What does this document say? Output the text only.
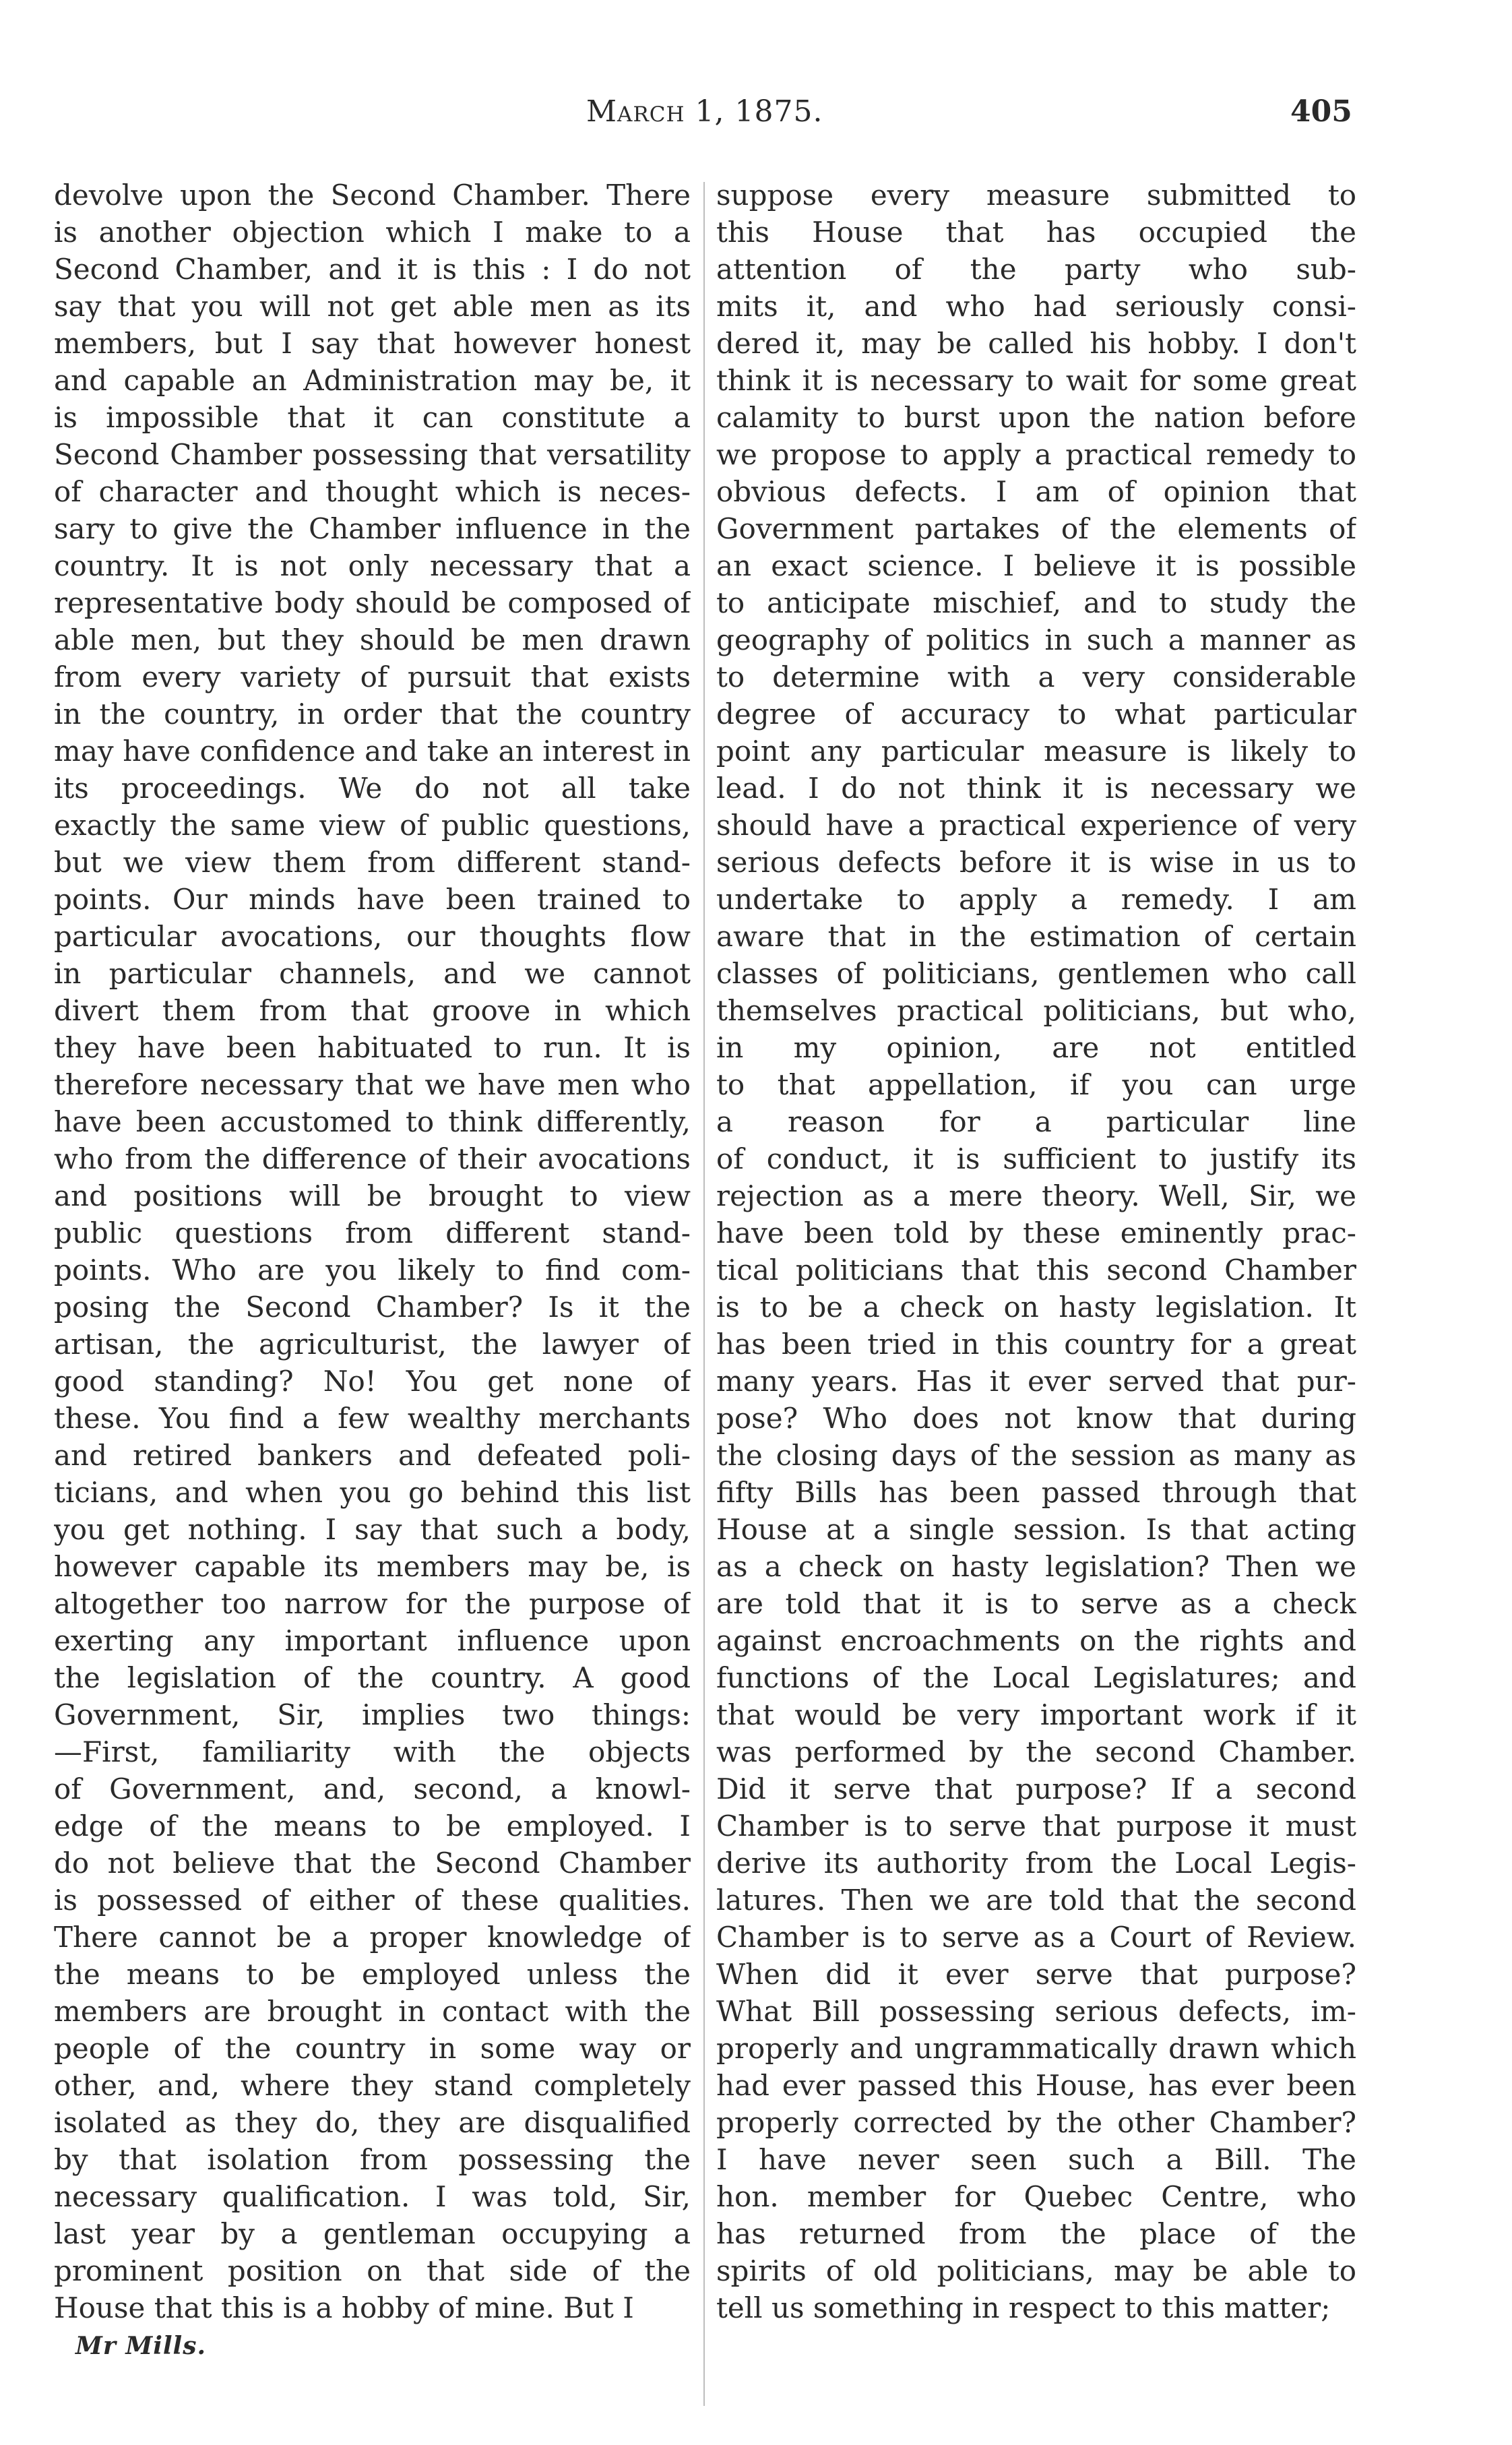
March 1, 1875.	405
devolve upon the Second Chamber. There
is another objection which I make to a
Second Chamber, and it is this : I do not
say that you will not get able men as its
members, but I say that however honest
and capable an Administration may be, it
is impossible that it can constitute a
Second Chamber possessing that versatility
of character and thought which is neces-
sary to give the Chamber influence in the
country. It is not only necessary that a
representative body should be composed of
able men, but they should be men drawn
from every variety of pursuit that exists
in the country, in order that the country
may have confidence and take an interest in
its proceedings. We do not all take
exactly the same view of public questions,
but we view them from different stand-
points. Our minds have been trained to
particular avocations, our thoughts flow
in particular channels, and we cannot
divert them from that groove in which
they have been habituated to run. It is
therefore necessary that we have men who
have been accustomed to think differently,
who from the difference of their avocations
and positions will be brought to view
public questions from different stand-
points. Who are you likely to find com-
posing the Second Chamber? Is it the
artisan, the agriculturist, the lawyer of
good standing? No! You get none of
these. You find a few wealthy merchants
and retired bankers and defeated poli-
ticians, and when you go behind this list
you get nothing. I say that such a body,
however capable its members may be, is
altogether too narrow for the purpose of
exerting any important influence upon
the legislation of the country. A good
Government, Sir, implies two things:
—First, familiarity with the objects
of Government, and, second, a knowl-
edge of the means to be employed. I
do not believe that the Second Chamber
is possessed of either of these qualities.
There cannot be a proper knowledge of
the means to be employed unless the
members are brought in contact with the
people of the country in some way or
other, and, where they stand completely
isolated as they do, they are disqualified
by that isolation from possessing the
necessary qualification. I was told, Sir,
last year by a gentleman occupying a
prominent position on that side of the
House that this is a hobby of mine. But I
suppose every measure submitted to
this House that has occupied the
attention of the party who sub-
mits it, and who had seriously consi-
dered it, may be called his hobby. I don't
think it is necessary to wait for some great
calamity to burst upon the nation before
we propose to apply a practical remedy to
obvious defects. I am of opinion that
Government partakes of the elements of
an exact science. I believe it is possible
to anticipate mischief, and to study the
geography of politics in such a manner as
to determine with a very considerable
degree of accuracy to what particular
point any particular measure is likely to
lead. I do not think it is necessary we
should have a practical experience of very
serious defects before it is wise in us to
undertake to apply a remedy. I am
aware that in the estimation of certain
classes of politicians, gentlemen who call
themselves practical politicians, but who,
in my opinion, are not entitled
to that appellation, if you can urge
a reason for a particular line
of conduct, it is sufficient to justify its
rejection as a mere theory. Well, Sir, we
have been told by these eminently prac-
tical politicians that this second Chamber
is to be a check on hasty legislation. It
has been tried in this country for a great
many years. Has it ever served that pur-
pose? Who does not know that during
the closing days of the session as many as
fifty Bills has been passed through that
House at a single session. Is that acting
as a check on hasty legislation? Then we
are told that it is to serve as a check
against encroachments on the rights and
functions of the Local Legislatures; and
that would be very important work if it
was performed by the second Chamber.
Did it serve that purpose? If a second
Chamber is to serve that purpose it must
derive its authority from the Local Legis-
latures. Then we are told that the second
Chamber is to serve as a Court of Review.
When did it ever serve that purpose?
What Bill possessing serious defects, im-
properly and ungrammatically drawn which
had ever passed this House, has ever been
properly corrected by the other Chamber?
I have never seen such a Bill. The
hon. member for Quebec Centre, who
has returned from the place of the
spirits of old politicians, may be able to
tell us something in respect to this matter;
Mr Mills.
